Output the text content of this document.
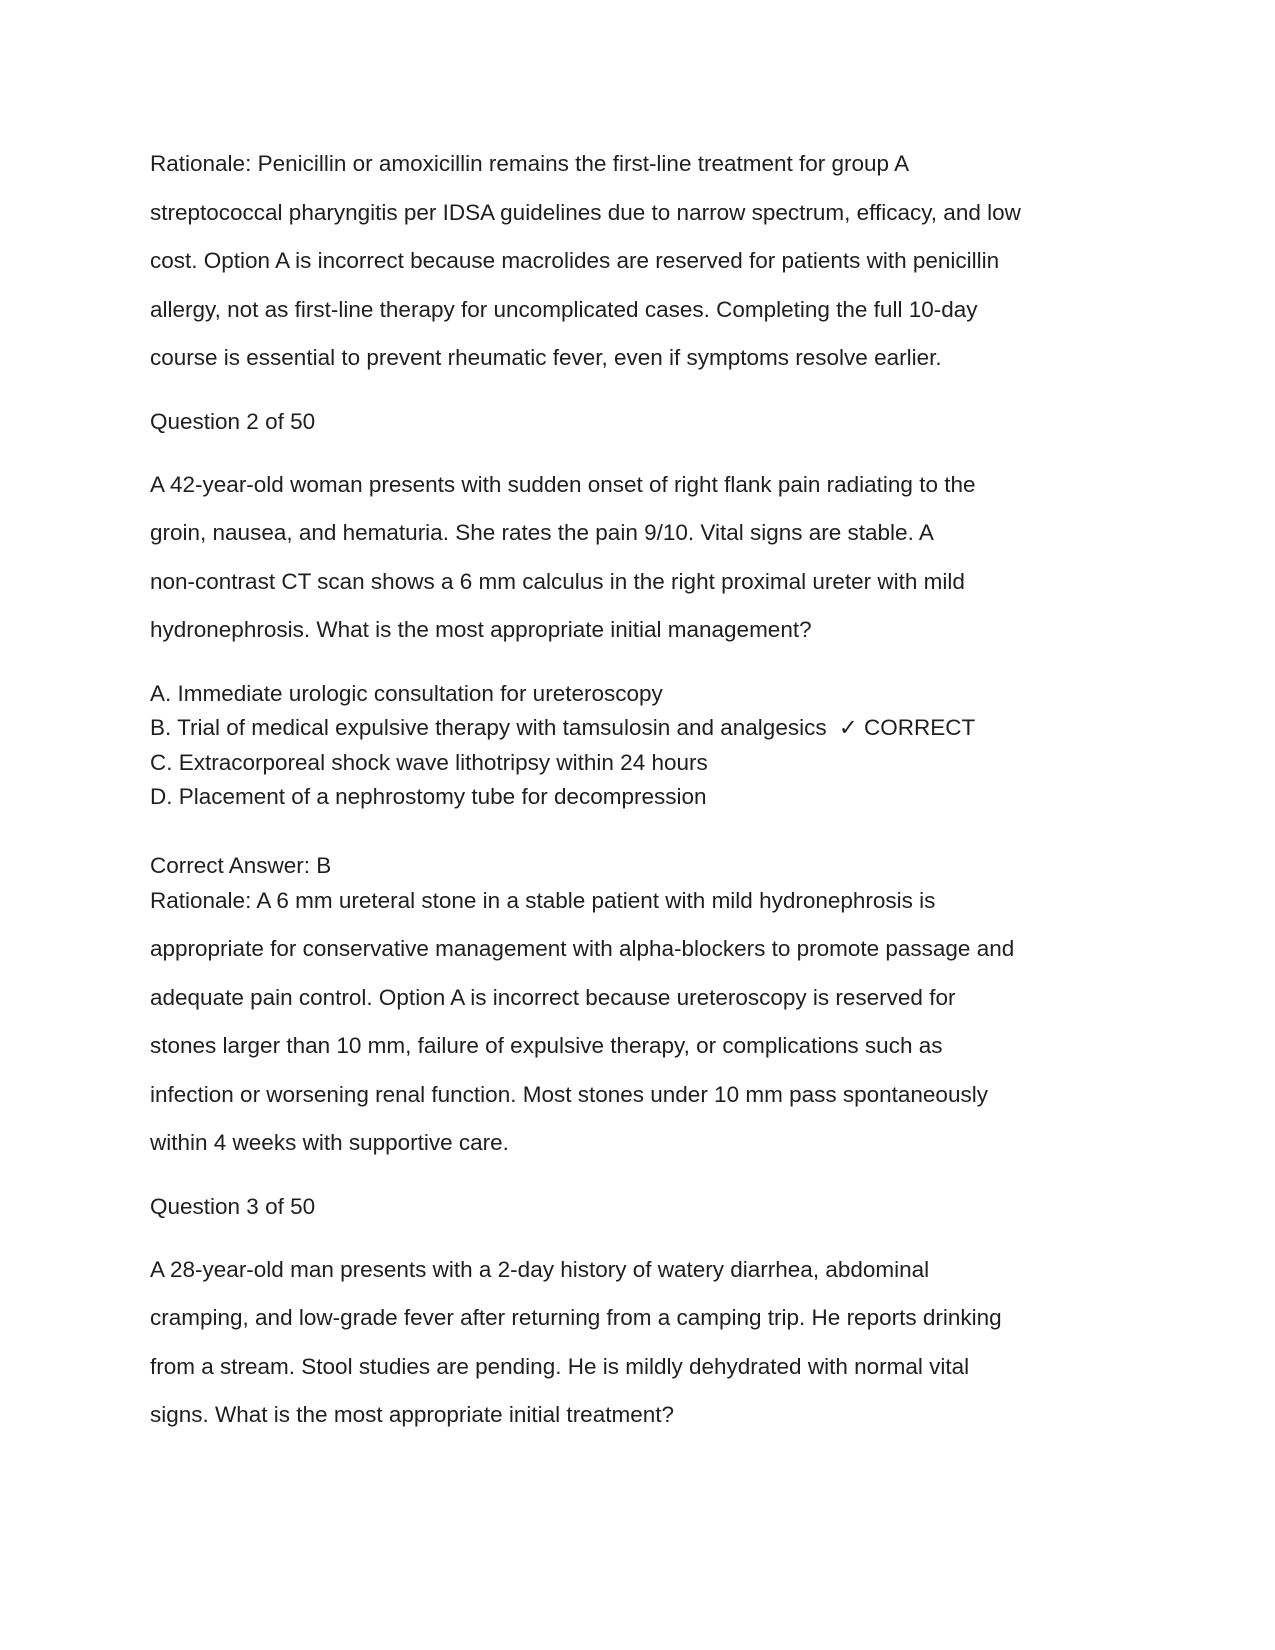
Rationale: Penicillin or amoxicillin remains the first-line treatment for group A
streptococcal pharyngitis per IDSA guidelines due to narrow spectrum, efficacy, and low
cost. Option A is incorrect because macrolides are reserved for patients with penicillin
allergy, not as first-line therapy for uncomplicated cases. Completing the full 10-day
course is essential to prevent rheumatic fever, even if symptoms resolve earlier.

Question 2 of 50

A 42-year-old woman presents with sudden onset of right flank pain radiating to the
groin, nausea, and hematuria. She rates the pain 9/10. Vital signs are stable. A
non-contrast CT scan shows a 6 mm calculus in the right proximal ureter with mild
hydronephrosis. What is the most appropriate initial management?

A. Immediate urologic consultation for ureteroscopy
B. Trial of medical expulsive therapy with tamsulosin and analgesics ✓ CORRECT
C. Extracorporeal shock wave lithotripsy within 24 hours
D. Placement of a nephrostomy tube for decompression

Correct Answer: B

Rationale: A 6 mm ureteral stone in a stable patient with mild hydronephrosis is
appropriate for conservative management with alpha-blockers to promote passage and
adequate pain control. Option A is incorrect because ureteroscopy is reserved for
stones larger than 10 mm, failure of expulsive therapy, or complications such as
infection or worsening renal function. Most stones under 10 mm pass spontaneously
within 4 weeks with supportive care.

Question 3 of 50

A 28-year-old man presents with a 2-day history of watery diarrhea, abdominal
cramping, and low-grade fever after returning from a camping trip. He reports drinking
from a stream. Stool studies are pending. He is mildly dehydrated with normal vital
signs. What is the most appropriate initial treatment?
